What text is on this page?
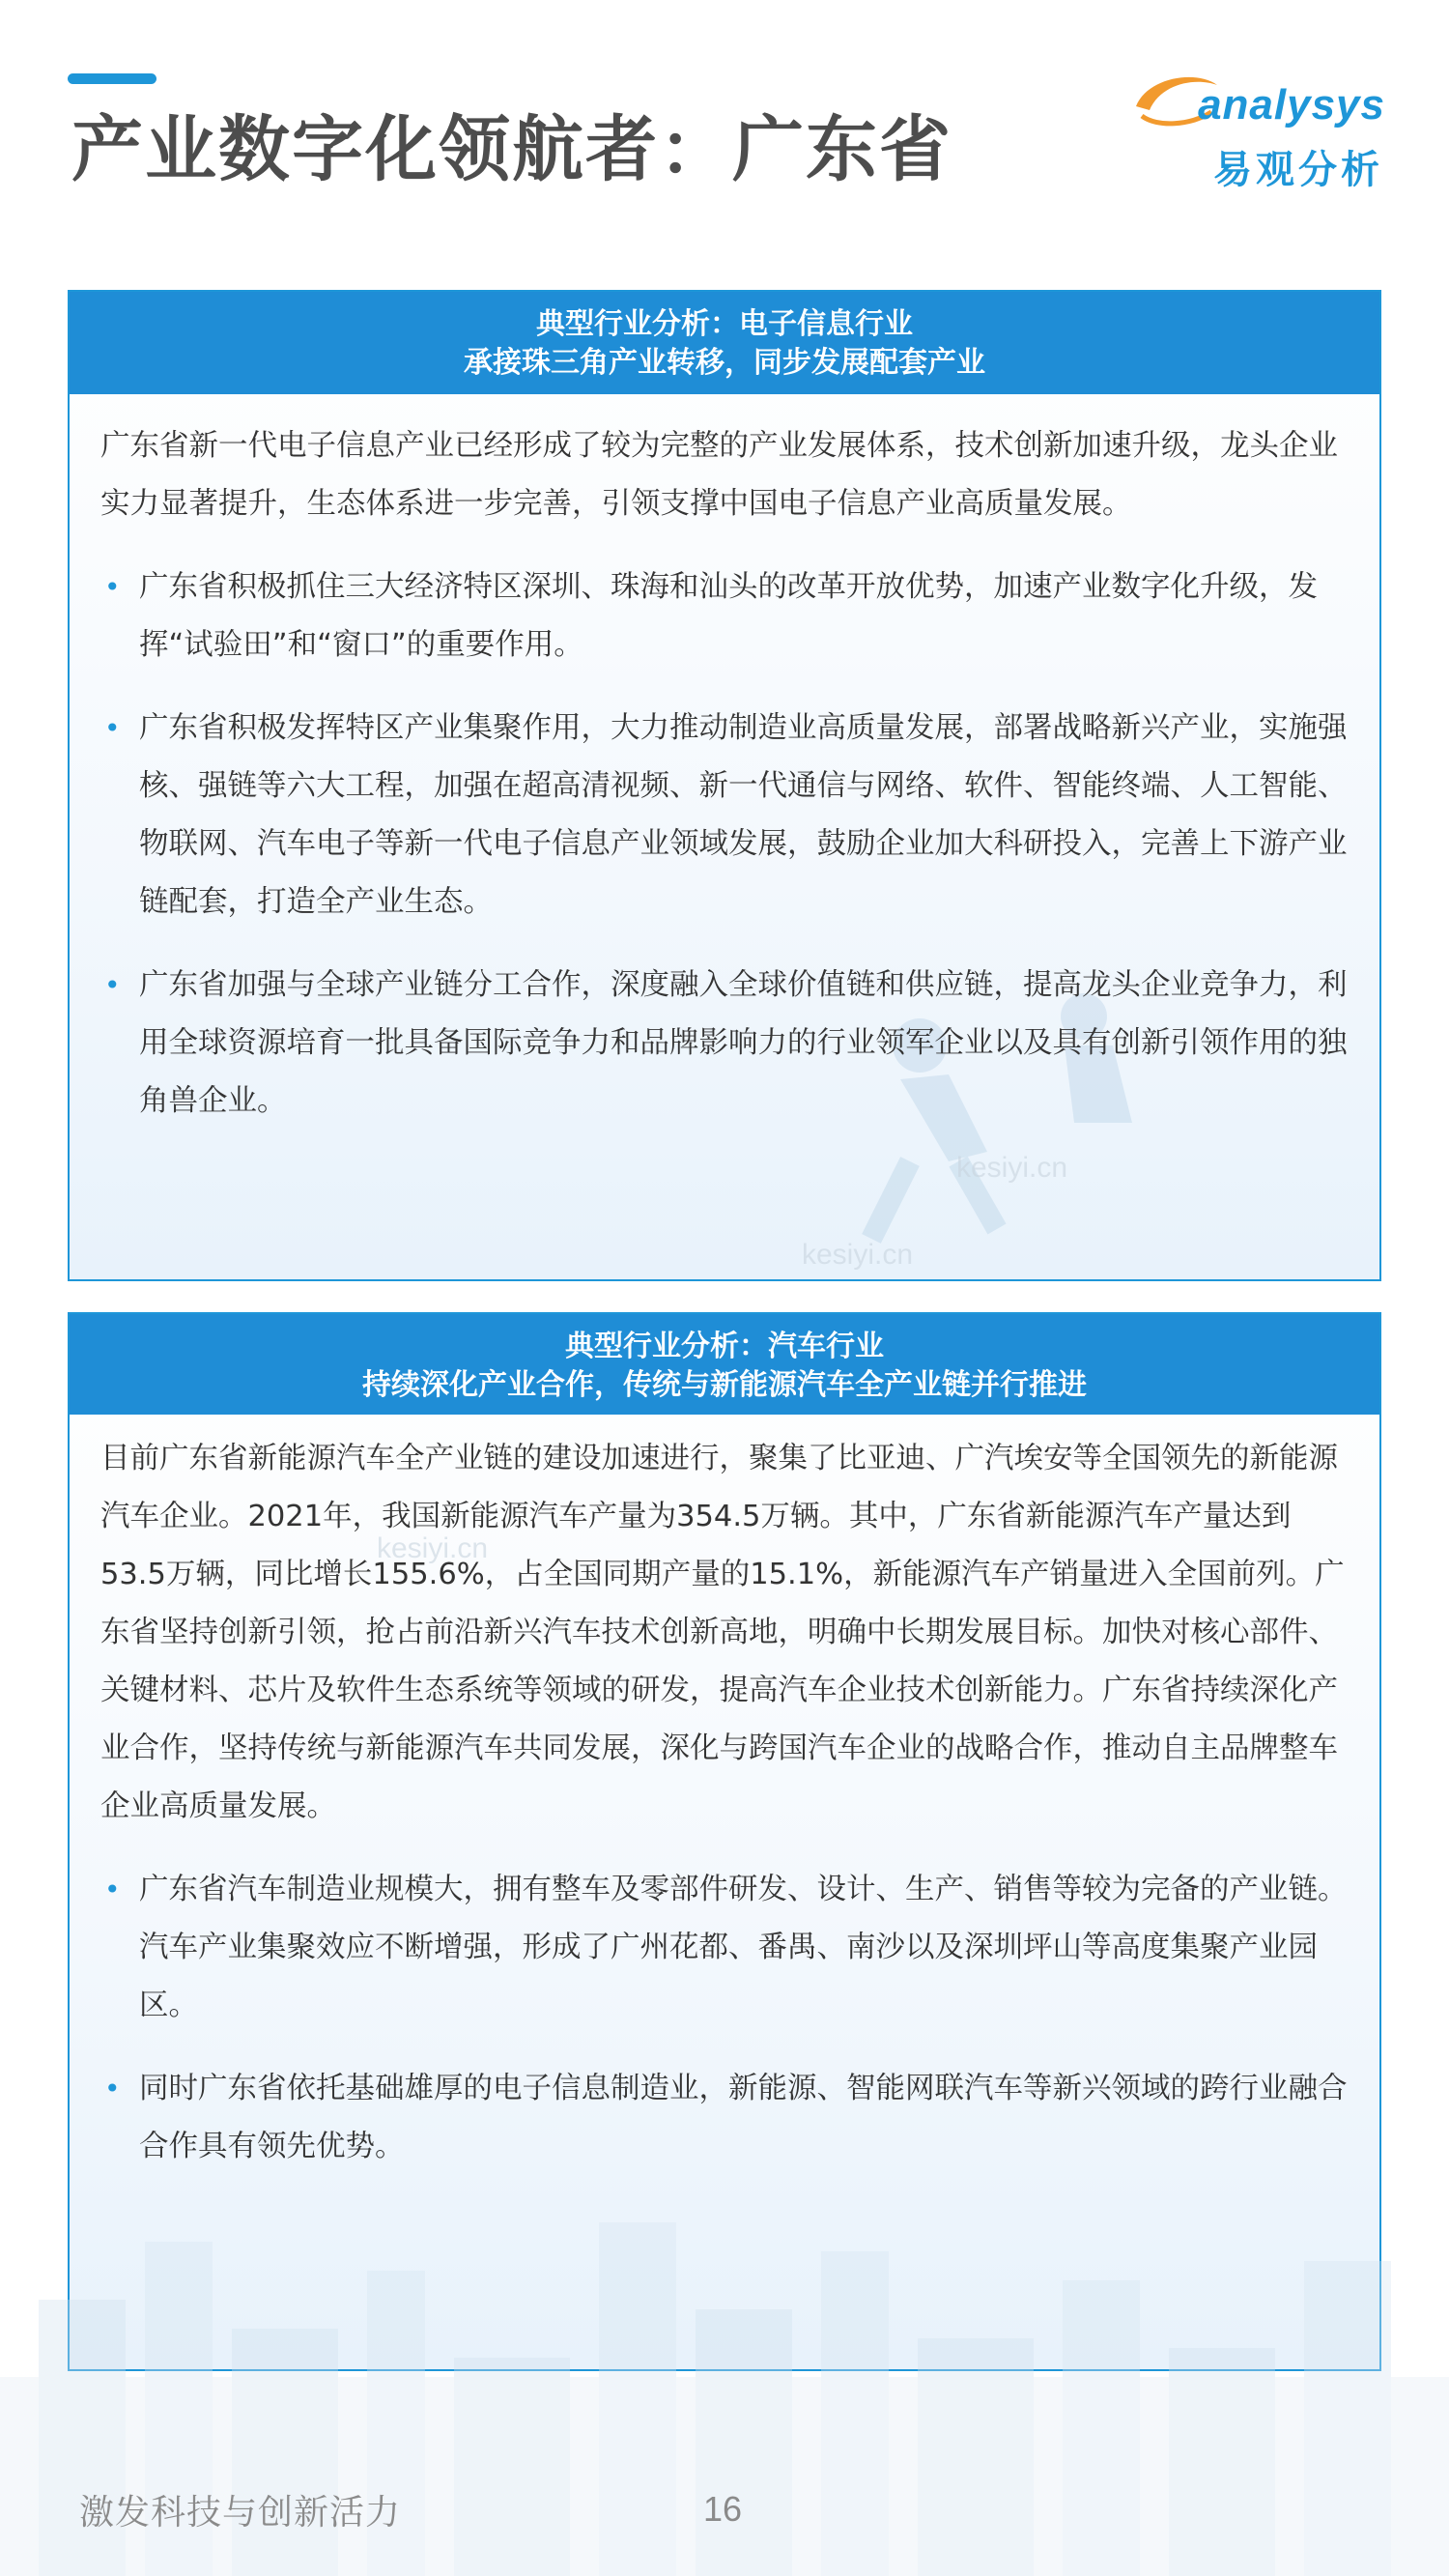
产业数字化领航者：广东省
analysys
易观分析
典型行业分析：电子信息行业
承接珠三角产业转移，同步发展配套产业

广东省新一代电子信息产业已经形成了较为完整的产业发展体系，技术创新加速升级，龙头企业实力显著提升，生态体系进一步完善，引领支撑中国电子信息产业高质量发展。

• 广东省积极抓住三大经济特区深圳、珠海和汕头的改革开放优势，加速产业数字化升级，发挥“试验田”和“窗口”的重要作用。
• 广东省积极发挥特区产业集聚作用，大力推动制造业高质量发展，部署战略新兴产业，实施强核、强链等六大工程，加强在超高清视频、新一代通信与网络、软件、智能终端、人工智能、物联网、汽车电子等新一代电子信息产业领域发展，鼓励企业加大科研投入，完善上下游产业链配套，打造全产业生态。
• 广东省加强与全球产业链分工合作，深度融入全球价值链和供应链，提高龙头企业竞争力，利用全球资源培育一批具备国际竞争力和品牌影响力的行业领军企业以及具有创新引领作用的独角兽企业。
kesiyi.cn
kesiyi.cn
典型行业分析：汽车行业
持续深化产业合作，传统与新能源汽车全产业链并行推进

目前广东省新能源汽车全产业链的建设加速进行，聚集了比亚迪、广汽埃安等全国领先的新能源汽车企业。2021年，我国新能源汽车产量为354.5万辆。其中，广东省新能源汽车产量达到53.5万辆，同比增长155.6%，占全国同期产量的15.1%，新能源汽车产销量进入全国前列。广东省坚持创新引领，抢占前沿新兴汽车技术创新高地，明确中长期发展目标。加快对核心部件、关键材料、芯片及软件生态系统等领域的研发，提高汽车企业技术创新能力。广东省持续深化产业合作，坚持传统与新能源汽车共同发展，深化与跨国汽车企业的战略合作，推动自主品牌整车企业高质量发展。

• 广东省汽车制造业规模大，拥有整车及零部件研发、设计、生产、销售等较为完备的产业链。汽车产业集聚效应不断增强，形成了广州花都、番禺、南沙以及深圳坪山等高度集聚产业园区。
• 同时广东省依托基础雄厚的电子信息制造业，新能源、智能网联汽车等新兴领域的跨行业融合合作具有领先优势。
kesiyi.cn
激发科技与创新活力	16
